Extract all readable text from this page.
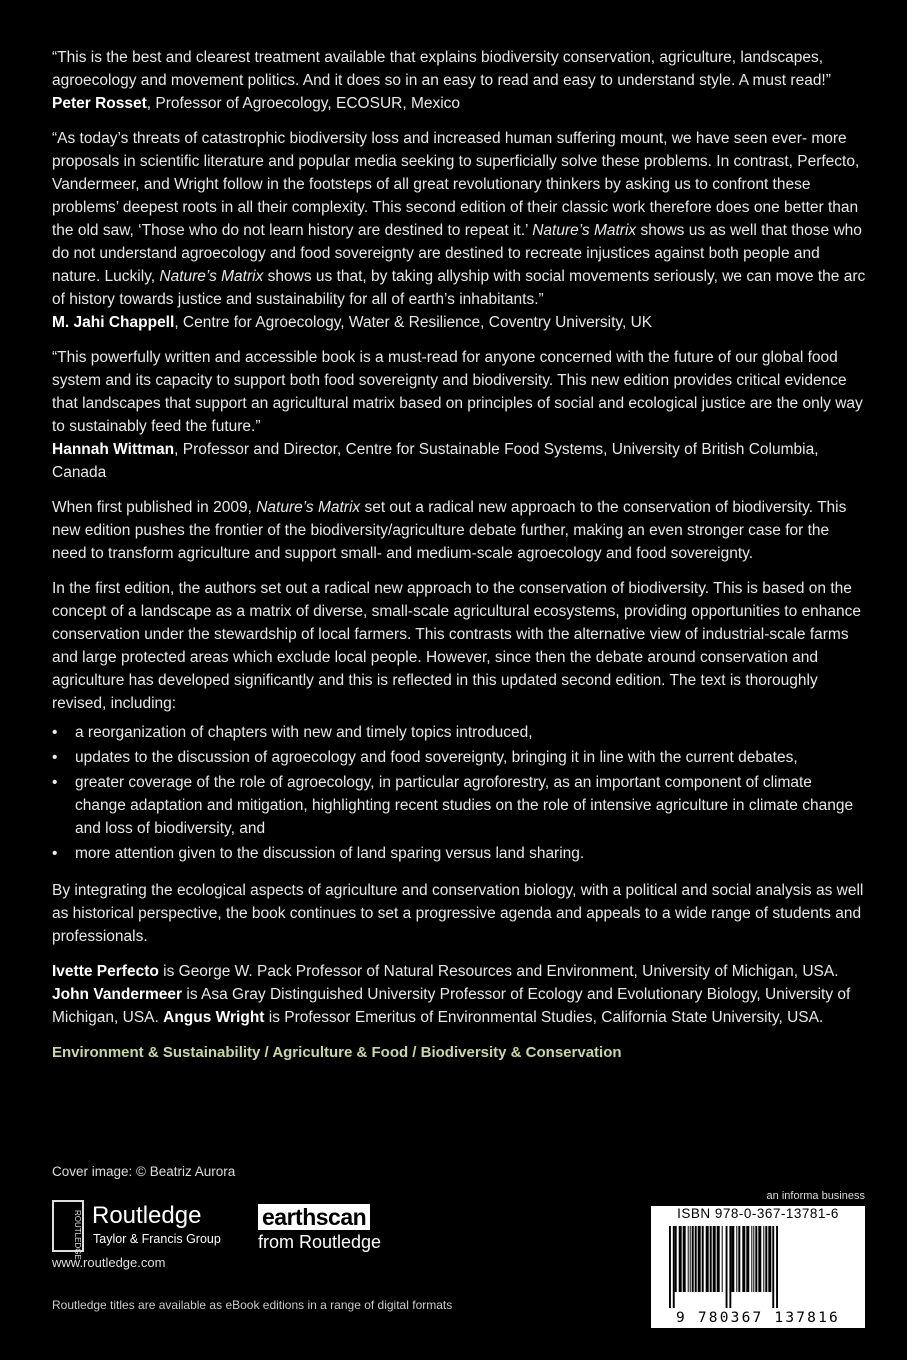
“This is the best and clearest treatment available that explains biodiversity conservation, agriculture, landscapes, agroecology and movement politics. And it does so in an easy to read and easy to understand style. A must read!”

Peter Rosset, Professor of Agroecology, ECOSUR, Mexico

“As today’s threats of catastrophic biodiversity loss and increased human suffering mount, we have seen ever- more proposals in scientific literature and popular media seeking to superficially solve these problems. In contrast, Perfecto, Vandermeer, and Wright follow in the footsteps of all great revolutionary thinkers by asking us to confront these problems’ deepest roots in all their complexity. This second edition of their classic work therefore does one better than the old saw, ‘Those who do not learn history are destined to repeat it.’ Nature’s Matrix shows us as well that those who do not understand agroecology and food sovereignty are destined to recreate injustices against both people and nature. Luckily, Nature’s Matrix shows us that, by taking allyship with social movements seriously, we can move the arc of history towards justice and sustainability for all of earth’s inhabitants.”

M. Jahi Chappell, Centre for Agroecology, Water & Resilience, Coventry University, UK

“This powerfully written and accessible book is a must-read for anyone concerned with the future of our global food system and its capacity to support both food sovereignty and biodiversity. This new edition provides critical evidence that landscapes that support an agricultural matrix based on principles of social and ecological justice are the only way to sustainably feed the future.”

Hannah Wittman, Professor and Director, Centre for Sustainable Food Systems, University of British Columbia, Canada

When first published in 2009, Nature’s Matrix set out a radical new approach to the conservation of biodiversity. This new edition pushes the frontier of the biodiversity/agriculture debate further, making an even stronger case for the need to transform agriculture and support small- and medium-scale agroecology and food sovereignty.

In the first edition, the authors set out a radical new approach to the conservation of biodiversity. This is based on the concept of a landscape as a matrix of diverse, small-scale agricultural ecosystems, providing opportunities to enhance conservation under the stewardship of local farmers. This contrasts with the alternative view of industrial-scale farms and large protected areas which exclude local people. However, since then the debate around conservation and agriculture has developed significantly and this is reflected in this updated second edition. The text is thoroughly revised, including:

• a reorganization of chapters with new and timely topics introduced,
• updates to the discussion of agroecology and food sovereignty, bringing it in line with the current debates,
• greater coverage of the role of agroecology, in particular agroforestry, as an important component of climate change adaptation and mitigation, highlighting recent studies on the role of intensive agriculture in climate change and loss of biodiversity, and
• more attention given to the discussion of land sparing versus land sharing.

By integrating the ecological aspects of agriculture and conservation biology, with a political and social analysis as well as historical perspective, the book continues to set a progressive agenda and appeals to a wide range of students and professionals.

Ivette Perfecto is George W. Pack Professor of Natural Resources and Environment, University of Michigan, USA. John Vandermeer is Asa Gray Distinguished University Professor of Ecology and Evolutionary Biology, University of Michigan, USA. Angus Wright is Professor Emeritus of Environmental Studies, California State University, USA.

Environment & Sustainability / Agriculture & Food / Biodiversity & Conservation

Cover image: © Beatriz Aurora
ROUTLEDGE Routledge
Taylor & Francis Group
www.routledge.com
earthscan
from Routledge
an informa business
Routledge titles are available as eBook editions in a range of digital formats
ISBN 978-0-367-13781-6
9 780367 137816
